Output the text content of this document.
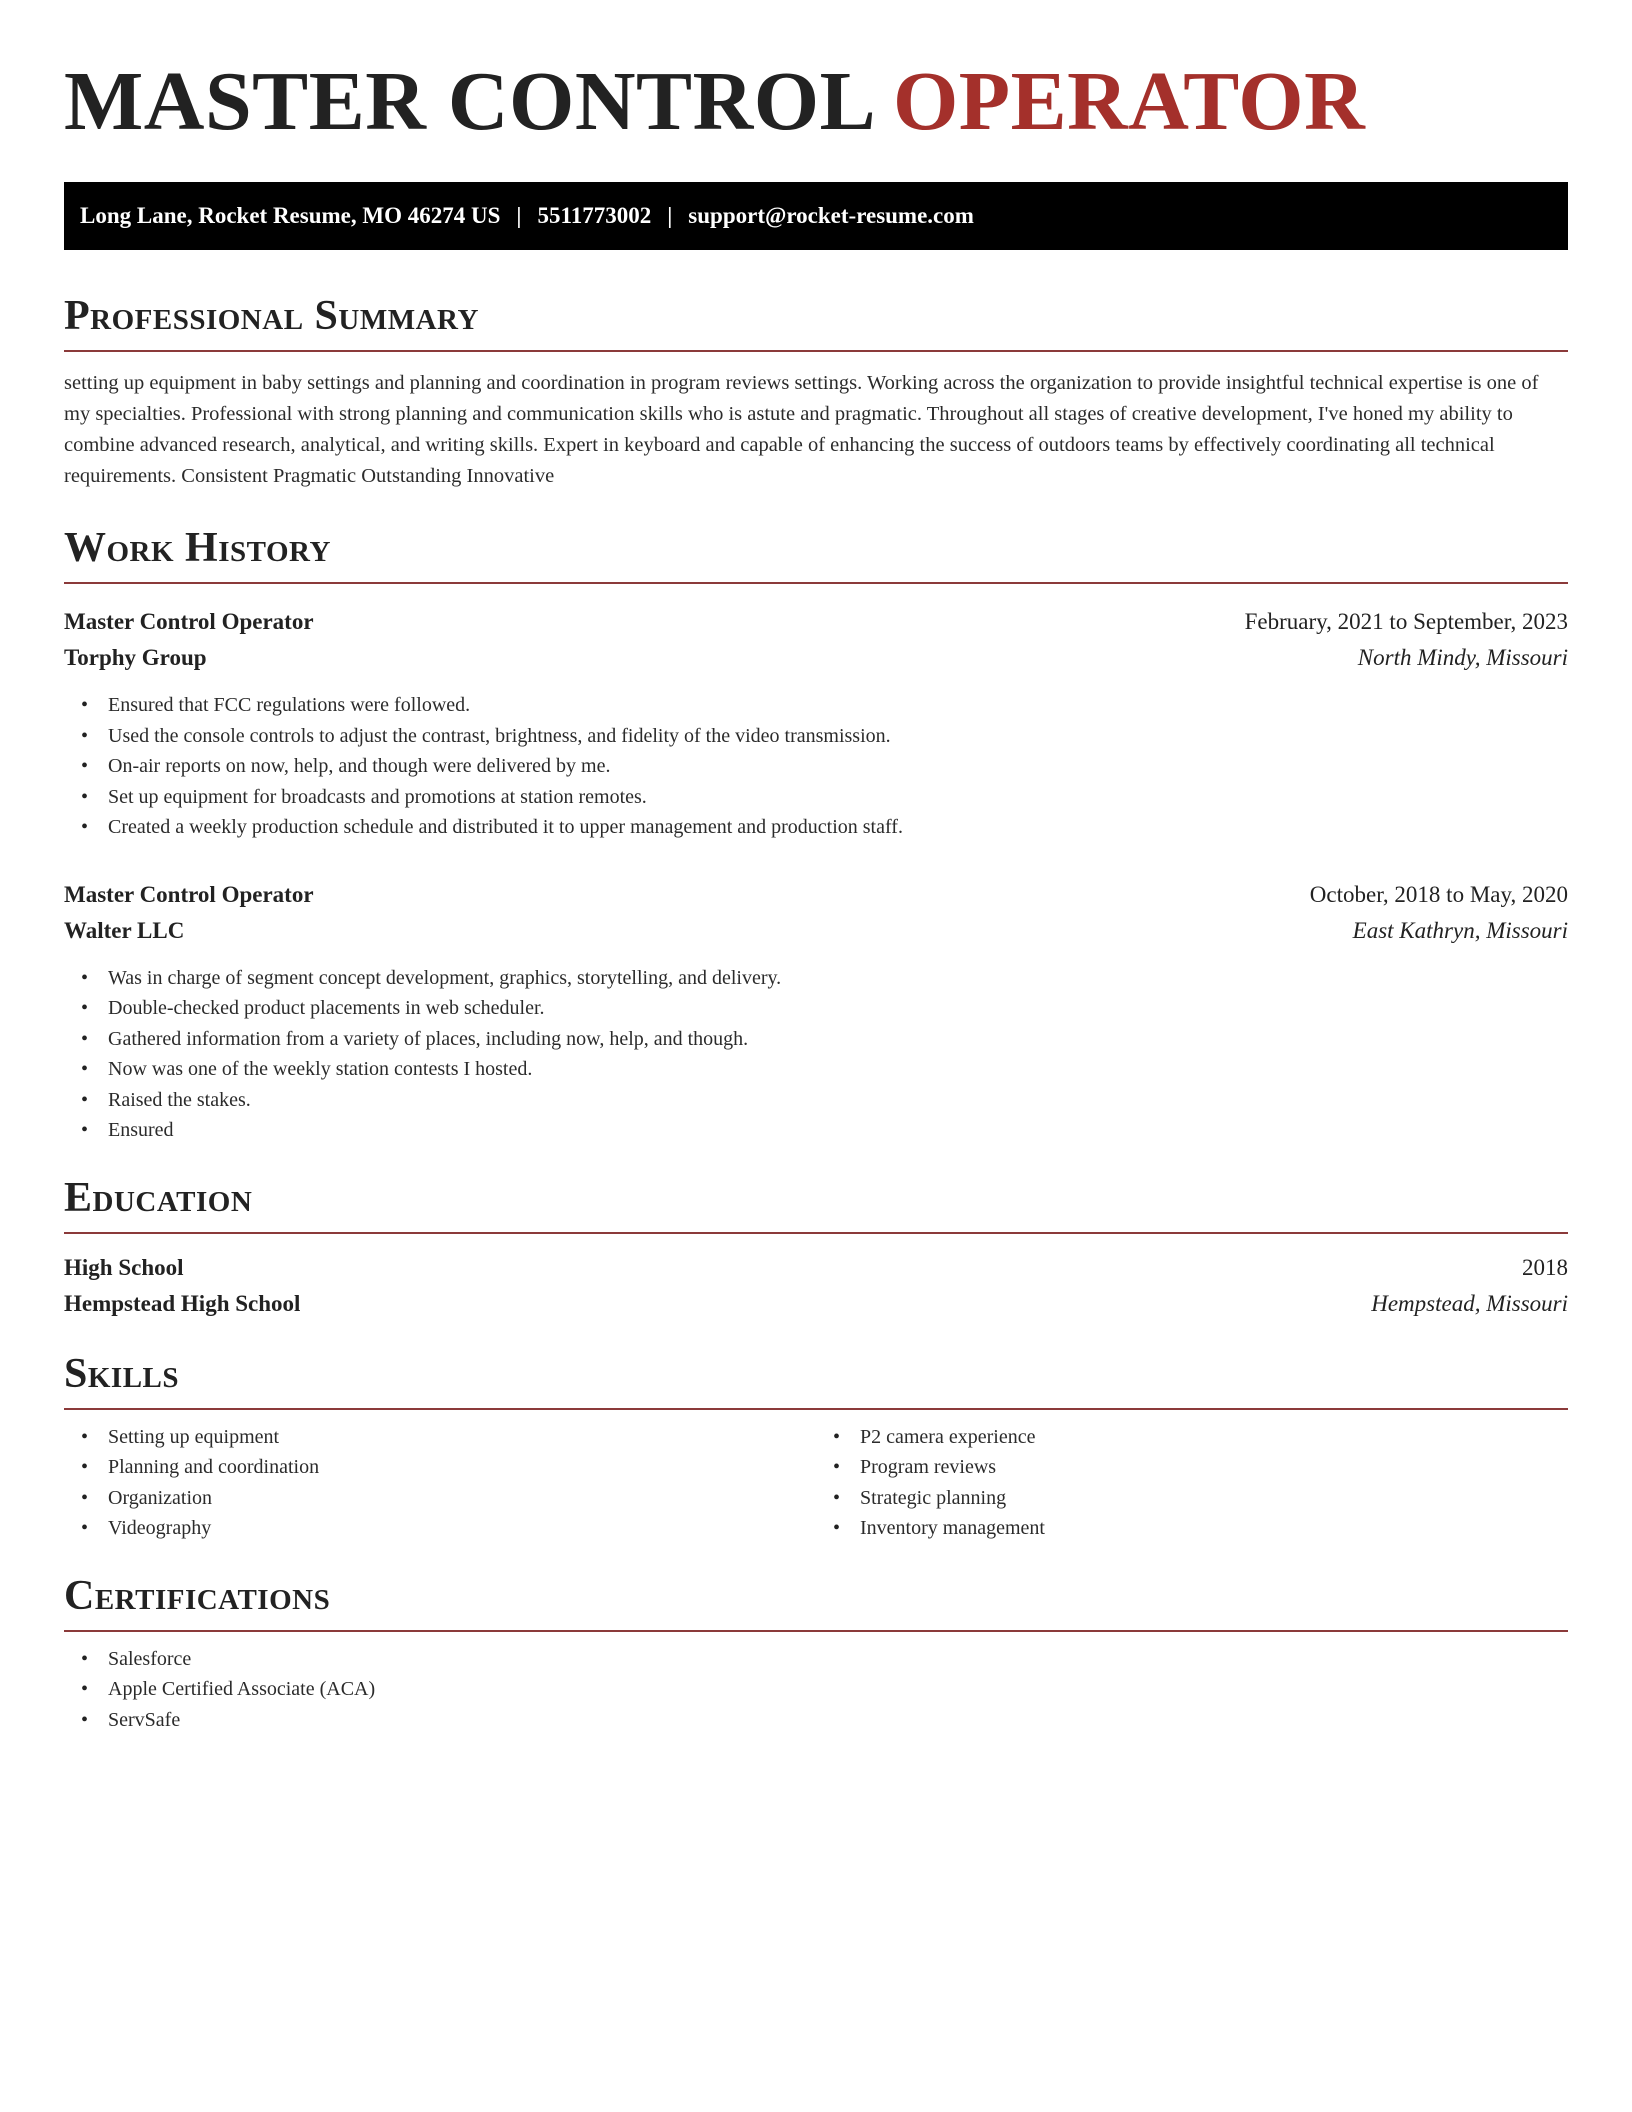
MASTER CONTROL OPERATOR
Long Lane, Rocket Resume, MO 46274 US | 5511773002 | support@rocket-resume.com
Professional Summary

setting up equipment in baby settings and planning and coordination in program reviews settings. Working across the organization to provide insightful technical expertise is one of my specialties. Professional with strong planning and communication skills who is astute and pragmatic. Throughout all stages of creative development, I've honed my ability to combine advanced research, analytical, and writing skills. Expert in keyboard and capable of enhancing the success of outdoors teams by effectively coordinating all technical requirements. Consistent Pragmatic Outstanding Innovative

Work History
Master Control Operator	February, 2021 to September, 2023
Torphy Group	North Mindy, Missouri
• Ensured that FCC regulations were followed.
• Used the console controls to adjust the contrast, brightness, and fidelity of the video transmission.
• On-air reports on now, help, and though were delivered by me.
• Set up equipment for broadcasts and promotions at station remotes.
• Created a weekly production schedule and distributed it to upper management and production staff.
Master Control Operator	October, 2018 to May, 2020
Walter LLC	East Kathryn, Missouri
• Was in charge of segment concept development, graphics, storytelling, and delivery.
• Double-checked product placements in web scheduler.
• Gathered information from a variety of places, including now, help, and though.
• Now was one of the weekly station contests I hosted.
• Raised the stakes.
• Ensured
Education
High School	2018
Hempstead High School	Hempstead, Missouri
Skills
• Setting up equipment
• Planning and coordination
• Organization
• Videography
• P2 camera experience
• Program reviews
• Strategic planning
• Inventory management
Certifications
• Salesforce
• Apple Certified Associate (ACA)
• ServSafe
